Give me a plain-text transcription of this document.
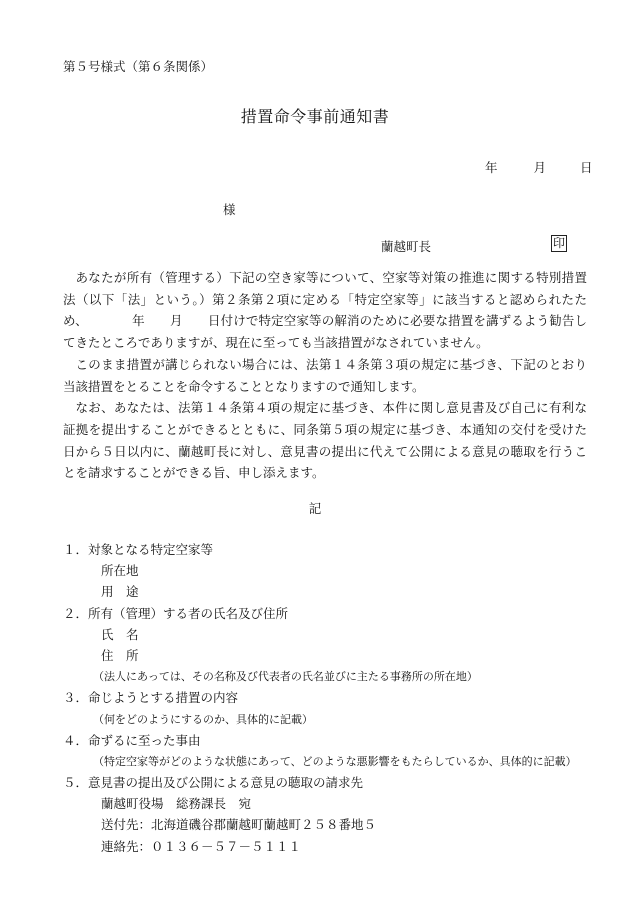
第５号様式（第６条関係）
措置命令事前通知書
年	月	日
様
蘭越町長	印

あなたが所有（管理する）下記の空き家等について、空家等対策の推進に関する特別措置法（以下「法」という。）第２条第２項に定める「特定空家等」に該当すると認められたため、　　　　年　　月　　日付けで特定空家等の解消のために必要な措置を講ずるよう勧告してきたところでありますが、現在に至っても当該措置がなされていません。

このまま措置が講じられない場合には、法第１４条第３項の規定に基づき、下記のとおり当該措置をとることを命令することとなりますので通知します。

なお、あなたは、法第１４条第４項の規定に基づき、本件に関し意見書及び自己に有利な証拠を提出することができるとともに、同条第５項の規定に基づき、本通知の交付を受けた日から５日以内に、蘭越町長に対し、意見書の提出に代えて公開による意見の聴取を行うことを請求することができる旨、申し添えます。

記
１．対象となる特定空家等
所在地
用　途
２．所有（管理）する者の氏名及び住所
氏　名
住　所
（法人にあっては、その名称及び代表者の氏名並びに主たる事務所の所在地）
３．命じようとする措置の内容
（何をどのようにするのか、具体的に記載）
４．命ずるに至った事由
（特定空家等がどのような状態にあって、どのような悪影響をもたらしているか、具体的に記載）
５．意見書の提出及び公開による意見の聴取の請求先
蘭越町役場　総務課長　宛
送付先：北海道磯谷郡蘭越町蘭越町２５８番地５
連絡先：０１３６－５７－５１１１
